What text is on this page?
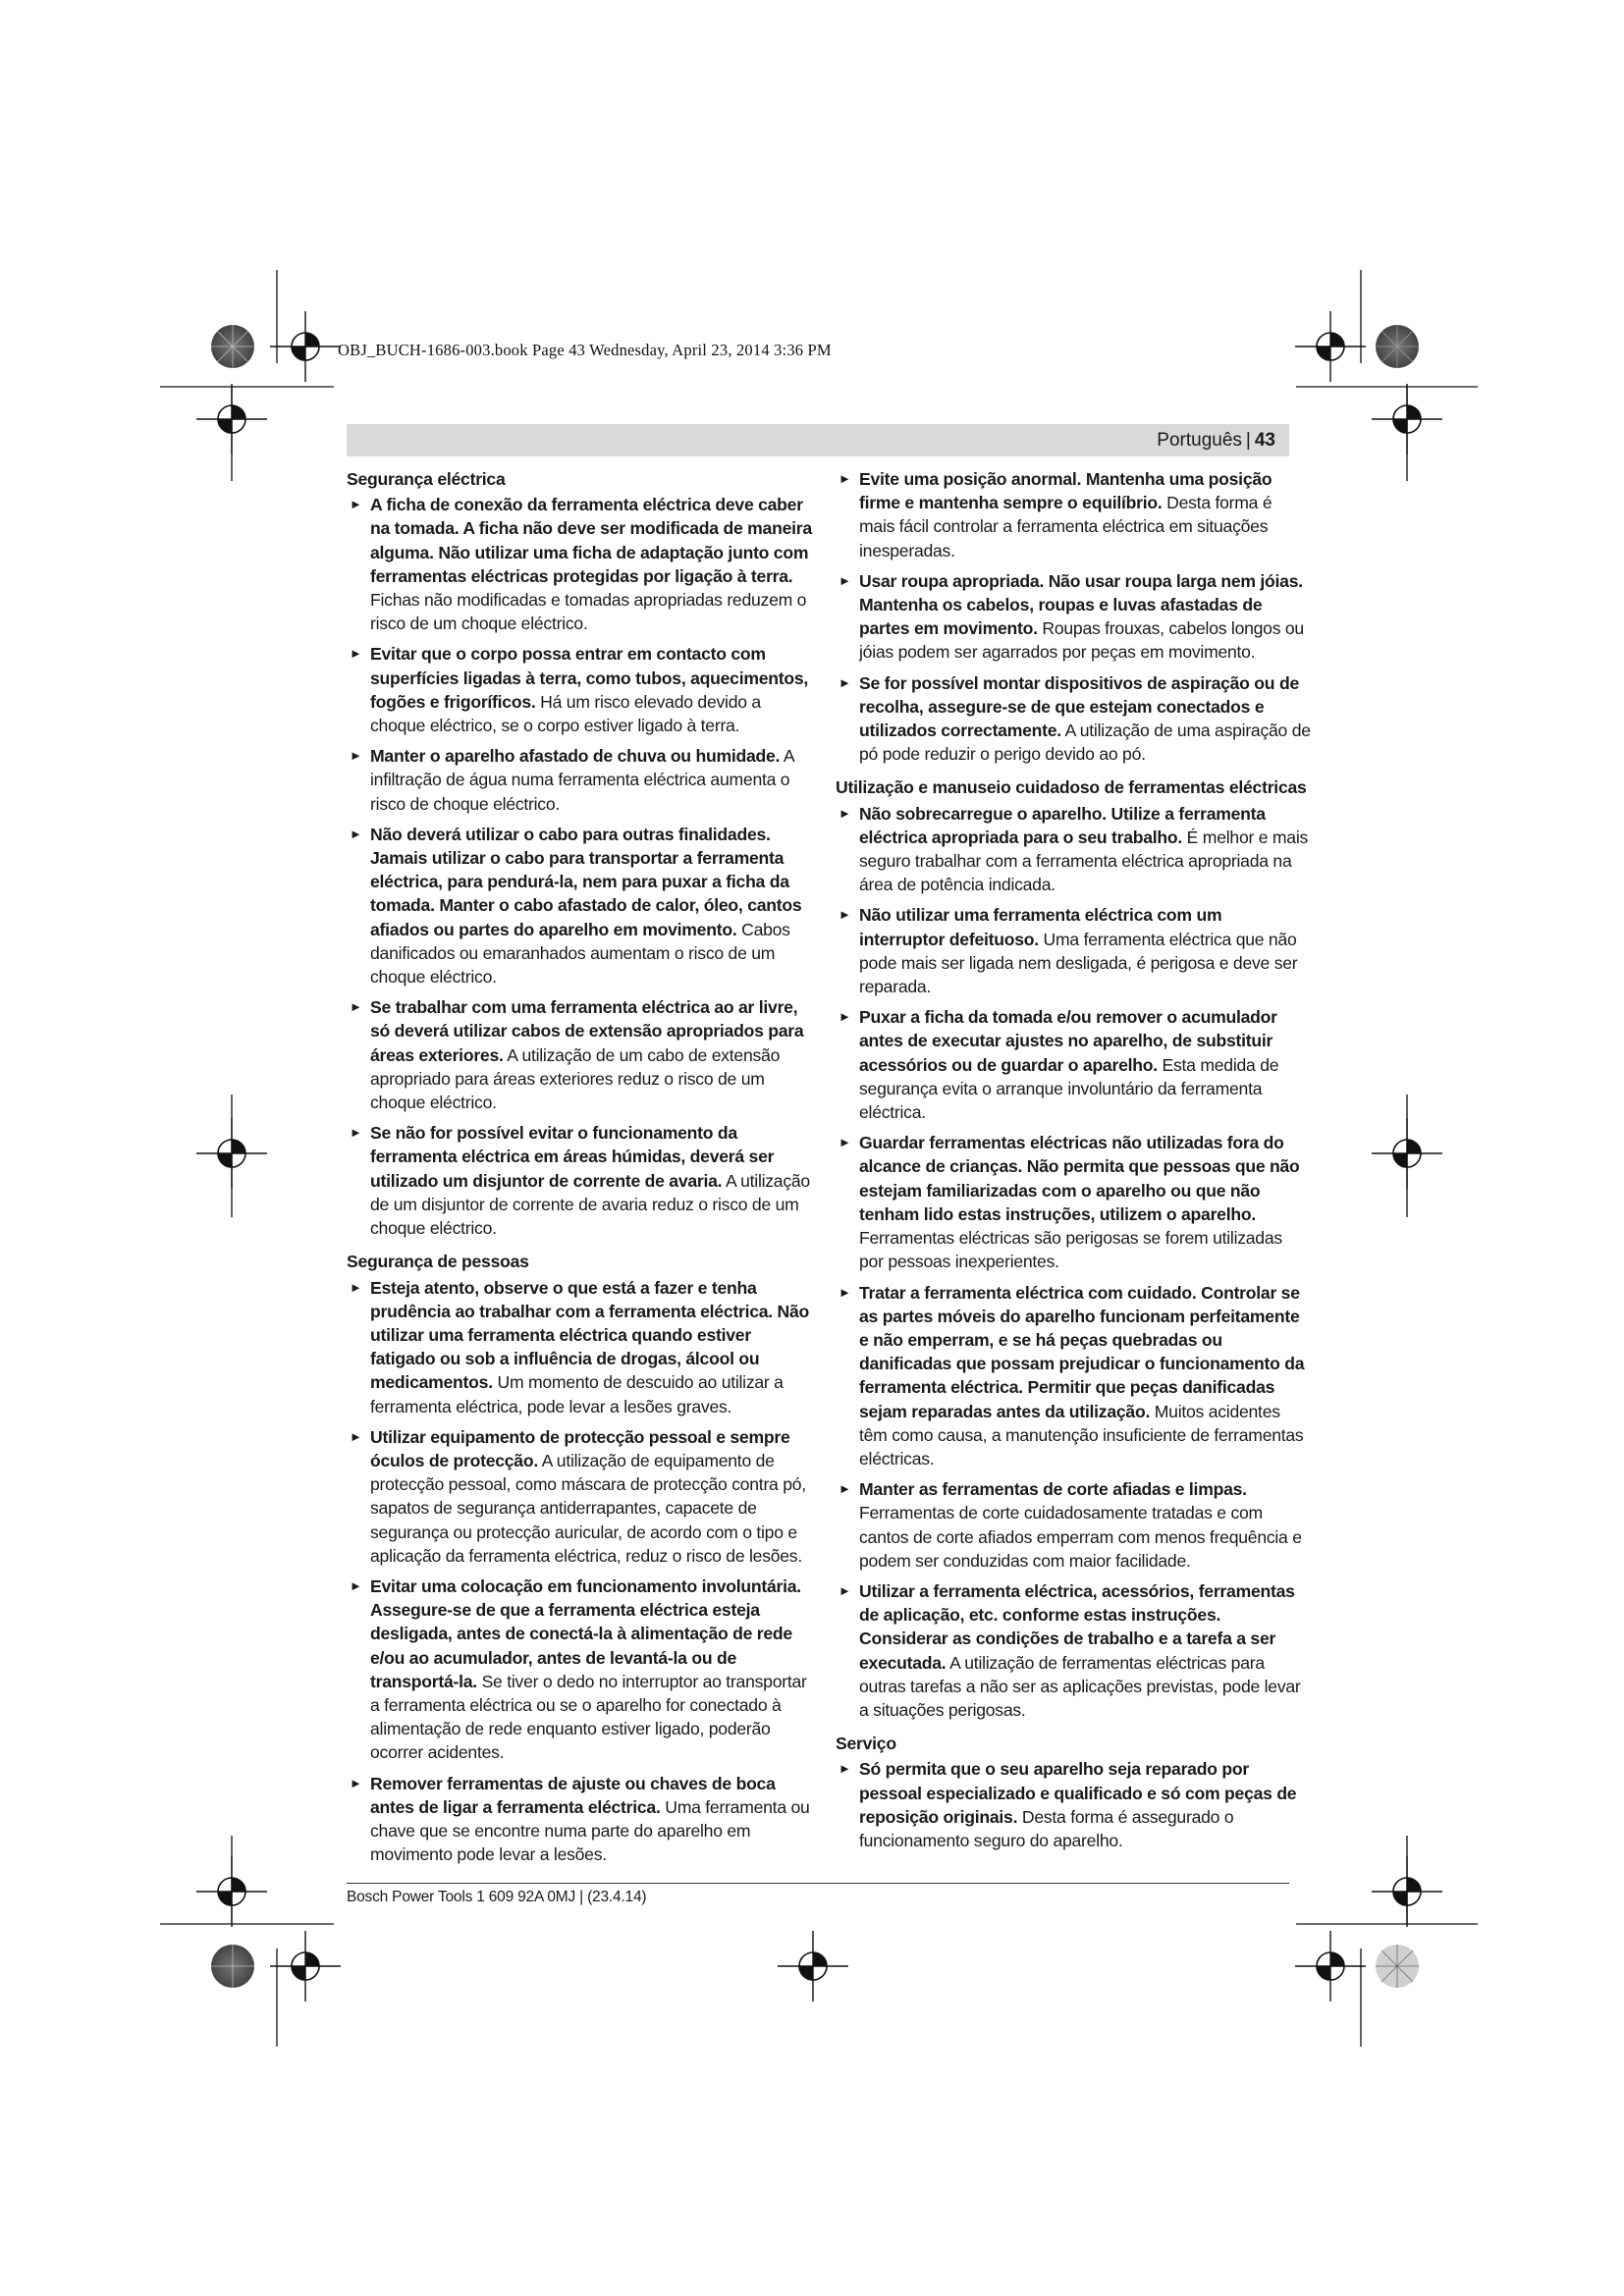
OBJ_BUCH-1686-003.book Page 43 Wednesday, April 23, 2014 3:36 PM
Português | 43
Segurança eléctrica
► A ficha de conexão da ferramenta eléctrica deve caber na tomada. A ficha não deve ser modificada de maneira alguma. Não utilizar uma ficha de adaptação junto com ferramentas eléctricas protegidas por ligação à terra. Fichas não modificadas e tomadas apropriadas reduzem o risco de um choque eléctrico.
► Evitar que o corpo possa entrar em contacto com superfícies ligadas à terra, como tubos, aquecimentos, fogões e frigoríficos. Há um risco elevado devido a choque eléctrico, se o corpo estiver ligado à terra.
► Manter o aparelho afastado de chuva ou humidade. A infiltração de água numa ferramenta eléctrica aumenta o risco de choque eléctrico.
► Não deverá utilizar o cabo para outras finalidades. Jamais utilizar o cabo para transportar a ferramenta eléctrica, para pendurá-la, nem para puxar a ficha da tomada. Manter o cabo afastado de calor, óleo, cantos afiados ou partes do aparelho em movimento. Cabos danificados ou emaranhados aumentam o risco de um choque eléctrico.
► Se trabalhar com uma ferramenta eléctrica ao ar livre, só deverá utilizar cabos de extensão apropriados para áreas exteriores. A utilização de um cabo de extensão apropriado para áreas exteriores reduz o risco de um choque eléctrico.
► Se não for possível evitar o funcionamento da ferramenta eléctrica em áreas húmidas, deverá ser utilizado um disjuntor de corrente de avaria. A utilização de um disjuntor de corrente de avaria reduz o risco de um choque eléctrico.
Segurança de pessoas
► Esteja atento, observe o que está a fazer e tenha prudência ao trabalhar com a ferramenta eléctrica. Não utilizar uma ferramenta eléctrica quando estiver fatigado ou sob a influência de drogas, álcool ou medicamentos. Um momento de descuido ao utilizar a ferramenta eléctrica, pode levar a lesões graves.
► Utilizar equipamento de protecção pessoal e sempre óculos de protecção. A utilização de equipamento de protecção pessoal, como máscara de protecção contra pó, sapatos de segurança antiderrapantes, capacete de segurança ou protecção auricular, de acordo com o tipo e aplicação da ferramenta eléctrica, reduz o risco de lesões.
► Evitar uma colocação em funcionamento involuntária. Assegure-se de que a ferramenta eléctrica esteja desligada, antes de conectá-la à alimentação de rede e/ou ao acumulador, antes de levantá-la ou de transportá-la. Se tiver o dedo no interruptor ao transportar a ferramenta eléctrica ou se o aparelho for conectado à alimentação de rede enquanto estiver ligado, poderão ocorrer acidentes.
► Remover ferramentas de ajuste ou chaves de boca antes de ligar a ferramenta eléctrica. Uma ferramenta ou chave que se encontre numa parte do aparelho em movimento pode levar a lesões.
► Evite uma posição anormal. Mantenha uma posição firme e mantenha sempre o equilíbrio. Desta forma é mais fácil controlar a ferramenta eléctrica em situações inesperadas.
► Usar roupa apropriada. Não usar roupa larga nem jóias. Mantenha os cabelos, roupas e luvas afastadas de partes em movimento. Roupas frouxas, cabelos longos ou jóias podem ser agarrados por peças em movimento.
► Se for possível montar dispositivos de aspiração ou de recolha, assegure-se de que estejam conectados e utilizados correctamente. A utilização de uma aspiração de pó pode reduzir o perigo devido ao pó.
Utilização e manuseio cuidadoso de ferramentas eléctricas
► Não sobrecarregue o aparelho. Utilize a ferramenta eléctrica apropriada para o seu trabalho. É melhor e mais seguro trabalhar com a ferramenta eléctrica apropriada na área de potência indicada.
► Não utilizar uma ferramenta eléctrica com um interruptor defeituoso. Uma ferramenta eléctrica que não pode mais ser ligada nem desligada, é perigosa e deve ser reparada.
► Puxar a ficha da tomada e/ou remover o acumulador antes de executar ajustes no aparelho, de substituir acessórios ou de guardar o aparelho. Esta medida de segurança evita o arranque involuntário da ferramenta eléctrica.
► Guardar ferramentas eléctricas não utilizadas fora do alcance de crianças. Não permita que pessoas que não estejam familiarizadas com o aparelho ou que não tenham lido estas instruções, utilizem o aparelho. Ferramentas eléctricas são perigosas se forem utilizadas por pessoas inexperientes.
► Tratar a ferramenta eléctrica com cuidado. Controlar se as partes móveis do aparelho funcionam perfeitamente e não emperram, e se há peças quebradas ou danificadas que possam prejudicar o funcionamento da ferramenta eléctrica. Permitir que peças danificadas sejam reparadas antes da utilização. Muitos acidentes têm como causa, a manutenção insuficiente de ferramentas eléctricas.
► Manter as ferramentas de corte afiadas e limpas. Ferramentas de corte cuidadosamente tratadas e com cantos de corte afiados emperram com menos frequência e podem ser conduzidas com maior facilidade.
► Utilizar a ferramenta eléctrica, acessórios, ferramentas de aplicação, etc. conforme estas instruções. Considerar as condições de trabalho e a tarefa a ser executada. A utilização de ferramentas eléctricas para outras tarefas a não ser as aplicações previstas, pode levar a situações perigosas.
Serviço
► Só permita que o seu aparelho seja reparado por pessoal especializado e qualificado e só com peças de reposição originais. Desta forma é assegurado o funcionamento seguro do aparelho.
Bosch Power Tools 1 609 92A 0MJ | (23.4.14)
